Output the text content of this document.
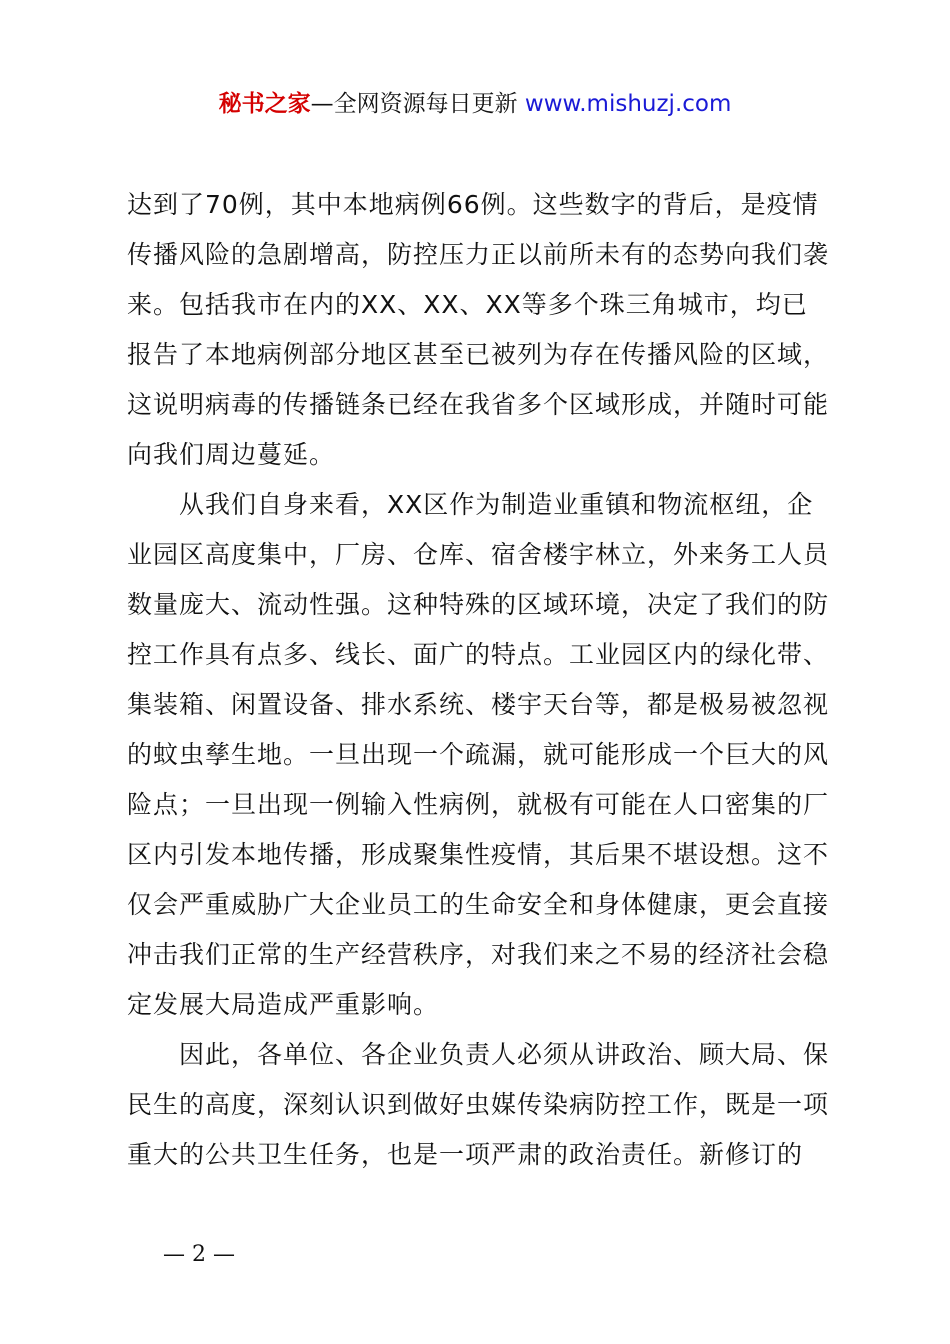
秘书之家—全网资源每日更新 www.mishuzj.com
达到了70例，其中本地病例66例。这些数字的背后，是疫情
传播风险的急剧增高，防控压力正以前所未有的态势向我们袭
来。包括我市在内的XX、XX、XX等多个珠三角城市，均已
报告了本地病例部分地区甚至已被列为存在传播风险的区域，
这说明病毒的传播链条已经在我省多个区域形成，并随时可能
向我们周边蔓延。
从我们自身来看，XX区作为制造业重镇和物流枢纽，企
业园区高度集中，厂房、仓库、宿舍楼宇林立，外来务工人员
数量庞大、流动性强。这种特殊的区域环境，决定了我们的防
控工作具有点多、线长、面广的特点。工业园区内的绿化带、
集装箱、闲置设备、排水系统、楼宇天台等，都是极易被忽视
的蚊虫孳生地。一旦出现一个疏漏，就可能形成一个巨大的风
险点；一旦出现一例输入性病例，就极有可能在人口密集的厂
区内引发本地传播，形成聚集性疫情，其后果不堪设想。这不
仅会严重威胁广大企业员工的生命安全和身体健康，更会直接
冲击我们正常的生产经营秩序，对我们来之不易的经济社会稳
定发展大局造成严重影响。
因此，各单位、各企业负责人必须从讲政治、顾大局、保
民生的高度，深刻认识到做好虫媒传染病防控工作，既是一项
重大的公共卫生任务，也是一项严肃的政治责任。新修订的
— 2 —
